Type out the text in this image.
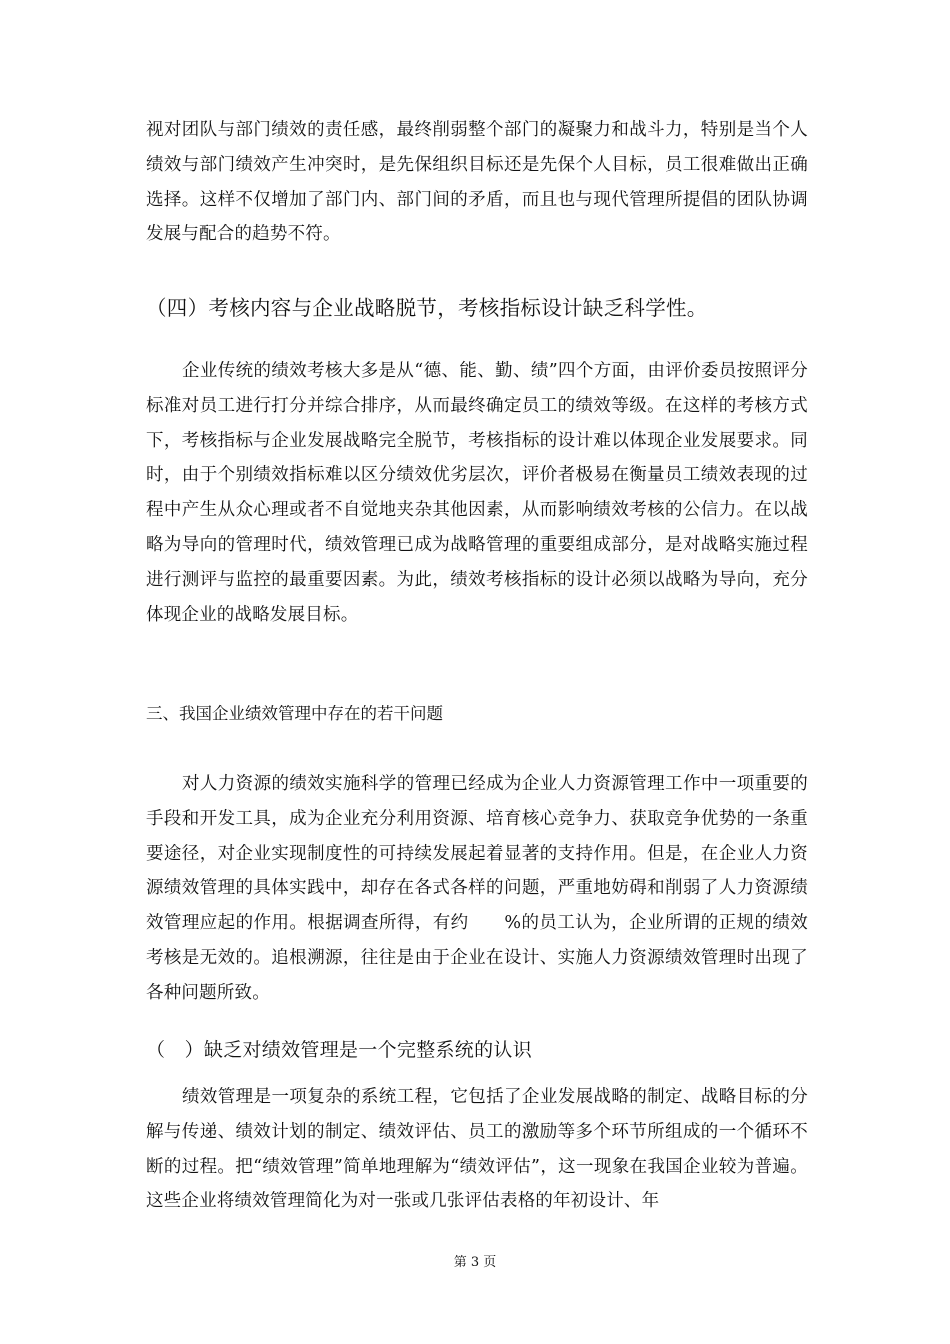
视对团队与部门绩效的责任感，最终削弱整个部门的凝聚力和战斗力，特别是当个人绩效与部门绩效产生冲突时，是先保组织目标还是先保个人目标，员工很难做出正确选择。这样不仅增加了部门内、部门间的矛盾，而且也与现代管理所提倡的团队协调发展与配合的趋势不符。

（四）考核内容与企业战略脱节，考核指标设计缺乏科学性。

企业传统的绩效考核大多是从“德、能、勤、绩”四个方面，由评价委员按照评分标准对员工进行打分并综合排序，从而最终确定员工的绩效等级。在这样的考核方式下，考核指标与企业发展战略完全脱节，考核指标的设计难以体现企业发展要求。同时，由于个别绩效指标难以区分绩效优劣层次，评价者极易在衡量员工绩效表现的过程中产生从众心理或者不自觉地夹杂其他因素，从而影响绩效考核的公信力。在以战略为导向的管理时代，绩效管理已成为战略管理的重要组成部分，是对战略实施过程进行测评与监控的最重要因素。为此，绩效考核指标的设计必须以战略为导向，充分体现企业的战略发展目标。

三、我国企业绩效管理中存在的若干问题

对人力资源的绩效实施科学的管理已经成为企业人力资源管理工作中一项重要的手段和开发工具，成为企业充分利用资源、培育核心竞争力、获取竞争优势的一条重要途径，对企业实现制度性的可持续发展起着显著的支持作用。但是，在企业人力资源绩效管理的具体实践中，却存在各式各样的问题，严重地妨碍和削弱了人力资源绩效管理应起的作用。根据调查所得，有约　　%的员工认为，企业所谓的正规的绩效考核是无效的。追根溯源，往往是由于企业在设计、实施人力资源绩效管理时出现了各种问题所致。

（　）缺乏对绩效管理是一个完整系统的认识

绩效管理是一项复杂的系统工程，它包括了企业发展战略的制定、战略目标的分解与传递、绩效计划的制定、绩效评估、员工的激励等多个环节所组成的一个循环不断的过程。把“绩效管理”简单地理解为“绩效评估”，这一现象在我国企业较为普遍。这些企业将绩效管理简化为对一张或几张评估表格的年初设计、年

第 3 页
